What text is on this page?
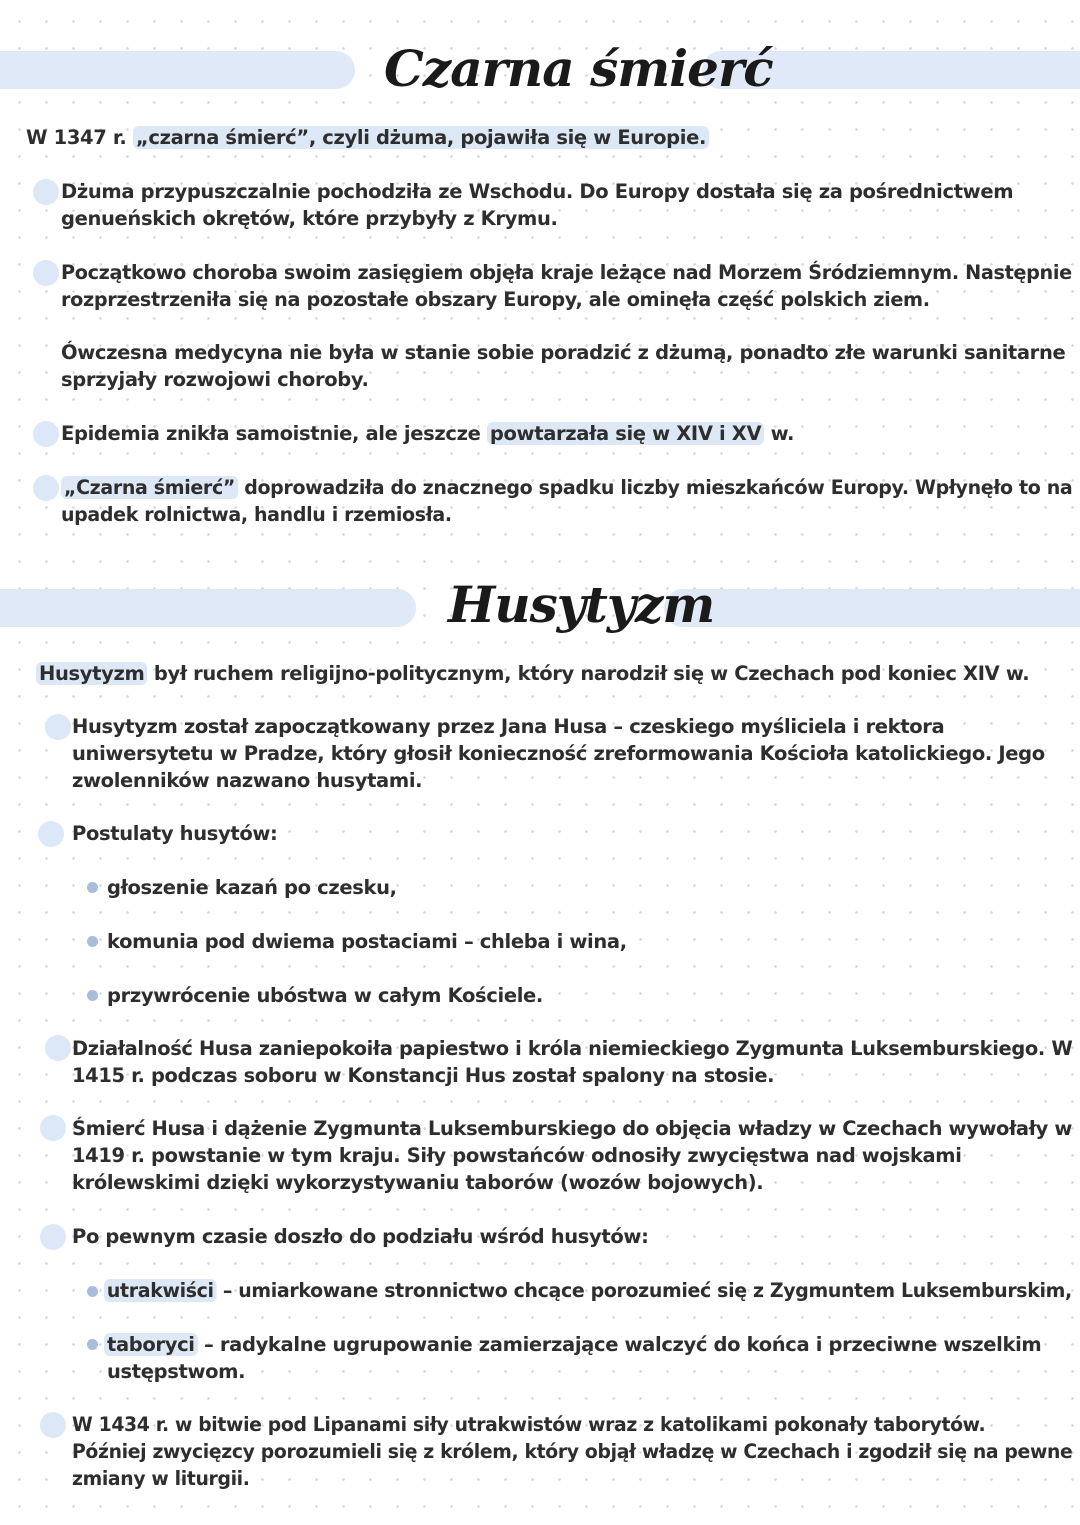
Czarna śmierć
W 1347 r. „czarna śmierć”, czyli dżuma, pojawiła się w Europie.
Dżuma przypuszczalnie pochodziła ze Wschodu. Do Europy dostała się za pośrednictwem
genueńskich okrętów, które przybyły z Krymu.
Początkowo choroba swoim zasięgiem objęła kraje leżące nad Morzem Śródziemnym. Następnie
rozprzestrzeniła się na pozostałe obszary Europy, ale ominęła część polskich ziem.
Ówczesna medycyna nie była w stanie sobie poradzić z dżumą, ponadto złe warunki sanitarne
sprzyjały rozwojowi choroby.
Epidemia znikła samoistnie, ale jeszcze powtarzała się w XIV i XV w.
„Czarna śmierć” doprowadziła do znacznego spadku liczby mieszkańców Europy. Wpłynęło to na
upadek rolnictwa, handlu i rzemiosła.
Husytyzm
Husytyzm był ruchem religijno-politycznym, który narodził się w Czechach pod koniec XIV w.
Husytyzm został zapoczątkowany przez Jana Husa – czeskiego myśliciela i rektora
uniwersytetu w Pradze, który głosił konieczność zreformowania Kościoła katolickiego. Jego
zwolenników nazwano husytami.
Postulaty husytów:
głoszenie kazań po czesku,
komunia pod dwiema postaciami – chleba i wina,
przywrócenie ubóstwa w całym Kościele.
Działalność Husa zaniepokoiła papiestwo i króla niemieckiego Zygmunta Luksemburskiego. W
1415 r. podczas soboru w Konstancji Hus został spalony na stosie.
Śmierć Husa i dążenie Zygmunta Luksemburskiego do objęcia władzy w Czechach wywołały w
1419 r. powstanie w tym kraju. Siły powstańców odnosiły zwycięstwa nad wojskami
królewskimi dzięki wykorzystywaniu taborów (wozów bojowych).
Po pewnym czasie doszło do podziału wśród husytów:
utrakwiści – umiarkowane stronnictwo chcące porozumieć się z Zygmuntem Luksemburskim,
taboryci – radykalne ugrupowanie zamierzające walczyć do końca i przeciwne wszelkim
ustępstwom.
W 1434 r. w bitwie pod Lipanami siły utrakwistów wraz z katolikami pokonały taborytów.
Później zwycięzcy porozumieli się z królem, który objął władzę w Czechach i zgodził się na pewne
zmiany w liturgii.
